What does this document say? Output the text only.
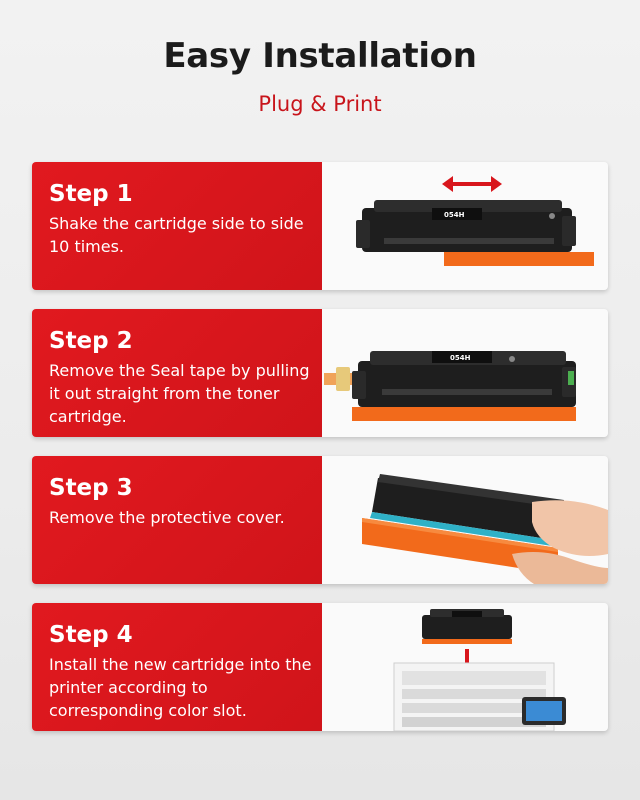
Easy Installation
Plug & Print
Step 1
Shake the cartridge side to side 10 times.
054H
Step 2
Remove the Seal tape by pulling it out straight from the toner cartridge.
054H
Step 3
Remove the protective cover.
Step 4
Install the new cartridge into the printer according to corresponding color slot.
